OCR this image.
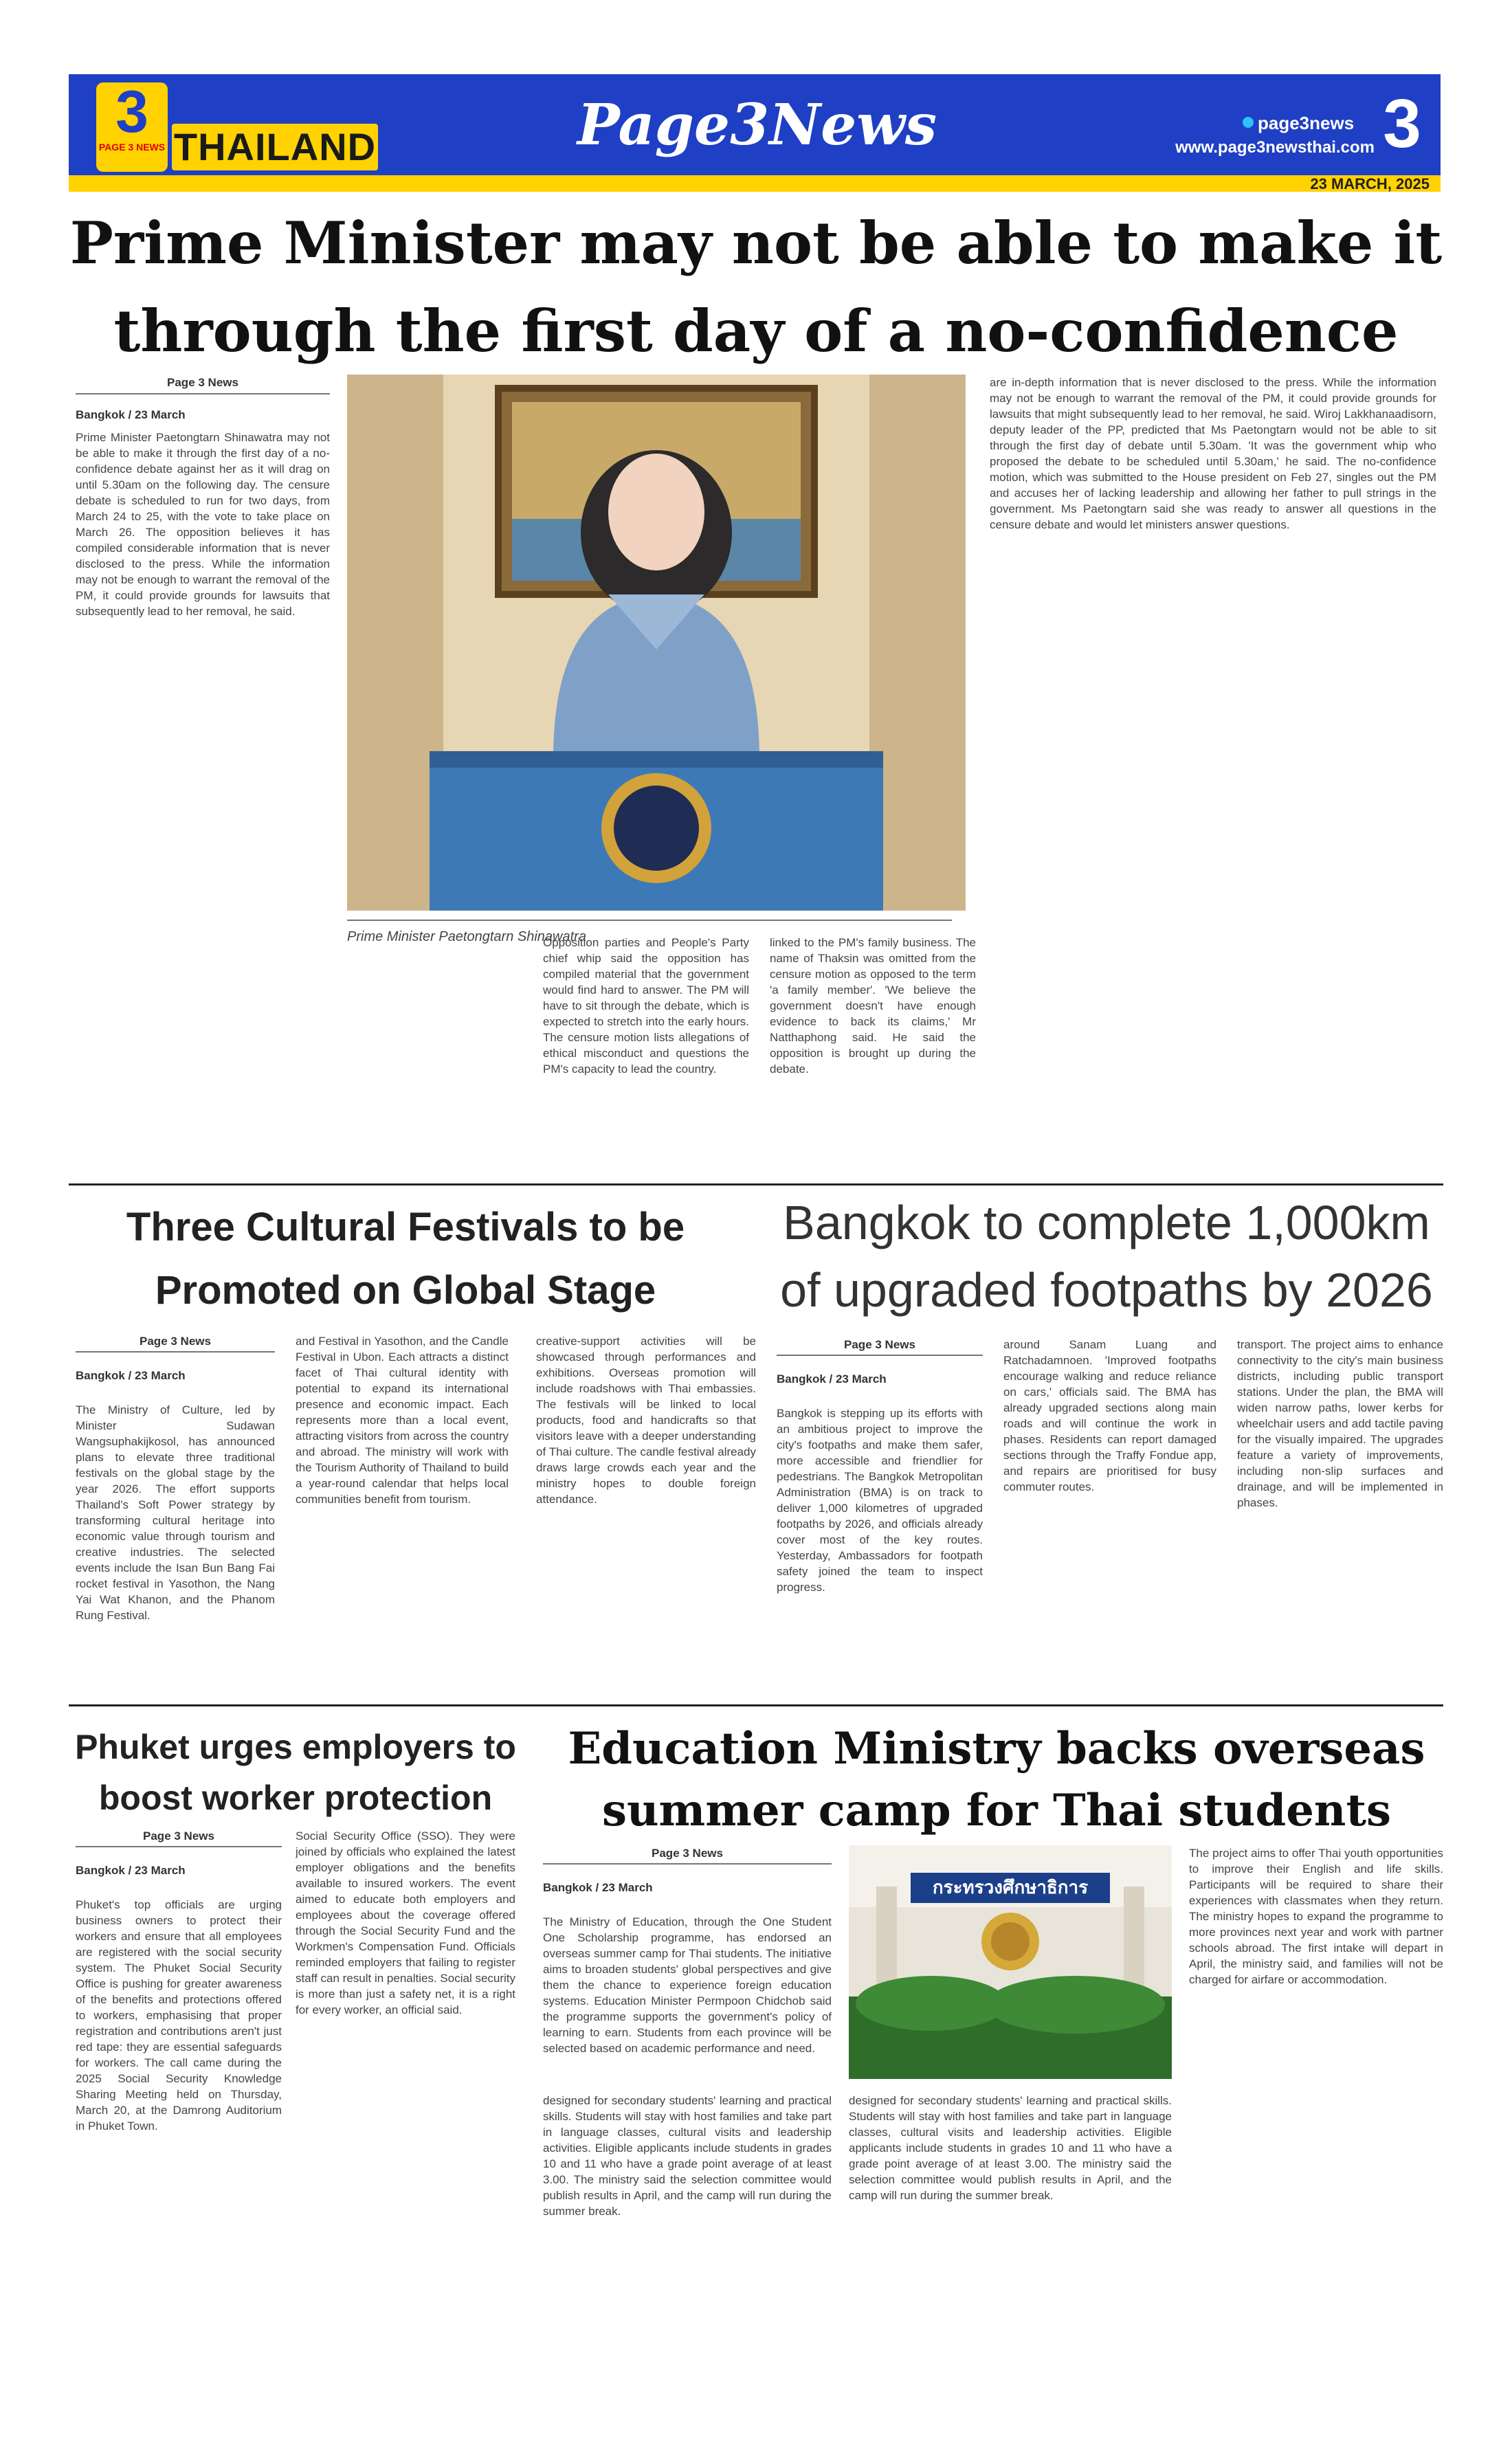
3
PAGE 3 NEWS THAILAND	Page3News	page3news
www.page3newsthai.com 3
23 MARCH, 2025
Prime Minister may not be able to make it through the first day of a no-confidence
Page 3 News
Bangkok / 23 March
Prime Minister Paetongtarn Shinawatra may not be able to make it through the first day of a no-confidence debate against her as it will drag on until 5.30am on the following day. The censure debate is scheduled to run for two days, from March 24 to 25, with the vote to take place on March 26. The opposition believes it has compiled considerable information that is never disclosed to the press. While the information may not be enough to warrant the removal of the PM, it could provide grounds for lawsuits that subsequently lead to her removal, he said.
Prime Minister Paetongtarn Shinawatra
Opposition parties and People's Party chief whip said the opposition has compiled material that the government would find hard to answer. The PM will have to sit through the debate, which is expected to stretch into the early hours. The censure motion lists allegations of ethical misconduct and questions the PM's capacity to lead the country.
linked to the PM's family business. The name of Thaksin was omitted from the censure motion as opposed to the term 'a family member'. 'We believe the government doesn't have enough evidence to back its claims,' Mr Natthaphong said. He said the opposition is brought up during the debate.
are in-depth information that is never disclosed to the press. While the information may not be enough to warrant the removal of the PM, it could provide grounds for lawsuits that might subsequently lead to her removal, he said. Wiroj Lakkhanaadisorn, deputy leader of the PP, predicted that Ms Paetongtarn would not be able to sit through the first day of debate until 5.30am. 'It was the government whip who proposed the debate to be scheduled until 5.30am,' he said. The no-confidence motion, which was submitted to the House president on Feb 27, singles out the PM and accuses her of lacking leadership and allowing her father to pull strings in the government. Ms Paetongtarn said she was ready to answer all questions in the censure debate and would let ministers answer questions.
Three Cultural Festivals to be Promoted on Global Stage
Page 3 News
Bangkok / 23 March
The Ministry of Culture, led by Minister Sudawan Wangsuphakijkosol, has announced plans to elevate three traditional festivals on the global stage by the year 2026. The effort supports Thailand's Soft Power strategy by transforming cultural heritage into economic value through tourism and creative industries. The selected events include the Isan Bun Bang Fai rocket festival in Yasothon, the Nang Yai Wat Khanon, and the Phanom Rung Festival.
and Festival in Yasothon, and the Candle Festival in Ubon. Each attracts a distinct facet of Thai cultural identity with potential to expand its international presence and economic impact. Each represents more than a local event, attracting visitors from across the country and abroad. The ministry will work with the Tourism Authority of Thailand to build a year-round calendar that helps local communities benefit from tourism.
creative-support activities will be showcased through performances and exhibitions. Overseas promotion will include roadshows with Thai embassies. The festivals will be linked to local products, food and handicrafts so that visitors leave with a deeper understanding of Thai culture. The candle festival already draws large crowds each year and the ministry hopes to double foreign attendance.
Bangkok to complete 1,000km of upgraded footpaths by 2026
Page 3 News
Bangkok / 23 March
Bangkok is stepping up its efforts with an ambitious project to improve the city's footpaths and make them safer, more accessible and friendlier for pedestrians. The Bangkok Metropolitan Administration (BMA) is on track to deliver 1,000 kilometres of upgraded footpaths by 2026, and officials already cover most of the key routes. Yesterday, Ambassadors for footpath safety joined the team to inspect progress.
around Sanam Luang and Ratchadamnoen. 'Improved footpaths encourage walking and reduce reliance on cars,' officials said. The BMA has already upgraded sections along main roads and will continue the work in phases. Residents can report damaged sections through the Traffy Fondue app, and repairs are prioritised for busy commuter routes.
transport. The project aims to enhance connectivity to the city's main business districts, including public transport stations. Under the plan, the BMA will widen narrow paths, lower kerbs for wheelchair users and add tactile paving for the visually impaired. The upgrades feature a variety of improvements, including non-slip surfaces and drainage, and will be implemented in phases.
Phuket urges employers to boost worker protection
Page 3 News
Bangkok / 23 March
Phuket's top officials are urging business owners to protect their workers and ensure that all employees are registered with the social security system. The Phuket Social Security Office is pushing for greater awareness of the benefits and protections offered to workers, emphasising that proper registration and contributions aren't just red tape: they are essential safeguards for workers. The call came during the 2025 Social Security Knowledge Sharing Meeting held on Thursday, March 20, at the Damrong Auditorium in Phuket Town.
Social Security Office (SSO). They were joined by officials who explained the latest employer obligations and the benefits available to insured workers. The event aimed to educate both employers and employees about the coverage offered through the Social Security Fund and the Workmen's Compensation Fund. Officials reminded employers that failing to register staff can result in penalties. Social security is more than just a safety net, it is a right for every worker, an official said.
Education Ministry backs overseas summer camp for Thai students
Page 3 News
Bangkok / 23 March
The Ministry of Education, through the One Student One Scholarship programme, has endorsed an overseas summer camp for Thai students. The initiative aims to broaden students' global perspectives and give them the chance to experience foreign education systems. Education Minister Permpoon Chidchob said the programme supports the government's policy of learning to earn. Students from each province will be selected based on academic performance and need.
กระทรวงศึกษาธิการ
designed for secondary students' learning and practical skills. Students will stay with host families and take part in language classes, cultural visits and leadership activities. Eligible applicants include students in grades 10 and 11 who have a grade point average of at least 3.00. The ministry said the selection committee would publish results in April, and the camp will run during the summer break.
designed for secondary students' learning and practical skills. Students will stay with host families and take part in language classes, cultural visits and leadership activities. Eligible applicants include students in grades 10 and 11 who have a grade point average of at least 3.00. The ministry said the selection committee would publish results in April, and the camp will run during the summer break.
The project aims to offer Thai youth opportunities to improve their English and life skills. Participants will be required to share their experiences with classmates when they return. The ministry hopes to expand the programme to more provinces next year and work with partner schools abroad. The first intake will depart in April, the ministry said, and families will not be charged for airfare or accommodation.
